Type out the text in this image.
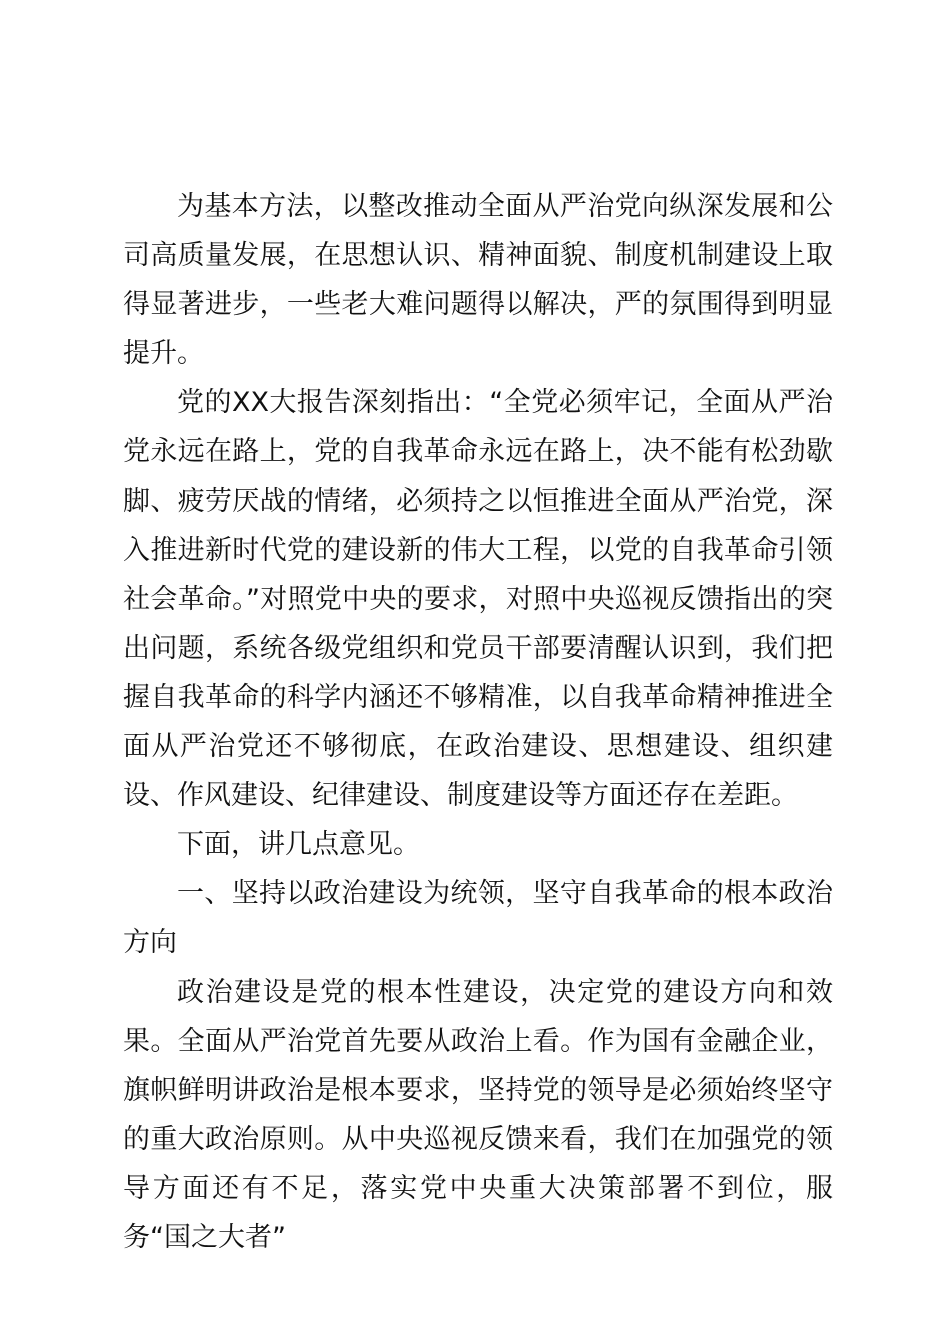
为基本方法，以整改推动全面从严治党向纵深发展和公司高质量发展，在思想认识、精神面貌、制度机制建设上取得显著进步，一些老大难问题得以解决，严的氛围得到明显提升。

党的XX大报告深刻指出：“全党必须牢记，全面从严治党永远在路上，党的自我革命永远在路上，决不能有松劲歇脚、疲劳厌战的情绪，必须持之以恒推进全面从严治党，深入推进新时代党的建设新的伟大工程，以党的自我革命引领社会革命。”对照党中央的要求，对照中央巡视反馈指出的突出问题，系统各级党组织和党员干部要清醒认识到，我们把握自我革命的科学内涵还不够精准，以自我革命精神推进全面从严治党还不够彻底，在政治建设、思想建设、组织建设、作风建设、纪律建设、制度建设等方面还存在差距。

下面，讲几点意见。

一、坚持以政治建设为统领，坚守自我革命的根本政治方向

政治建设是党的根本性建设，决定党的建设方向和效果。全面从严治党首先要从政治上看。作为国有金融企业，旗帜鲜明讲政治是根本要求，坚持党的领导是必须始终坚守的重大政治原则。从中央巡视反馈来看，我们在加强党的领导方面还有不足，落实党中央重大决策部署不到位，服务“国之大者”
